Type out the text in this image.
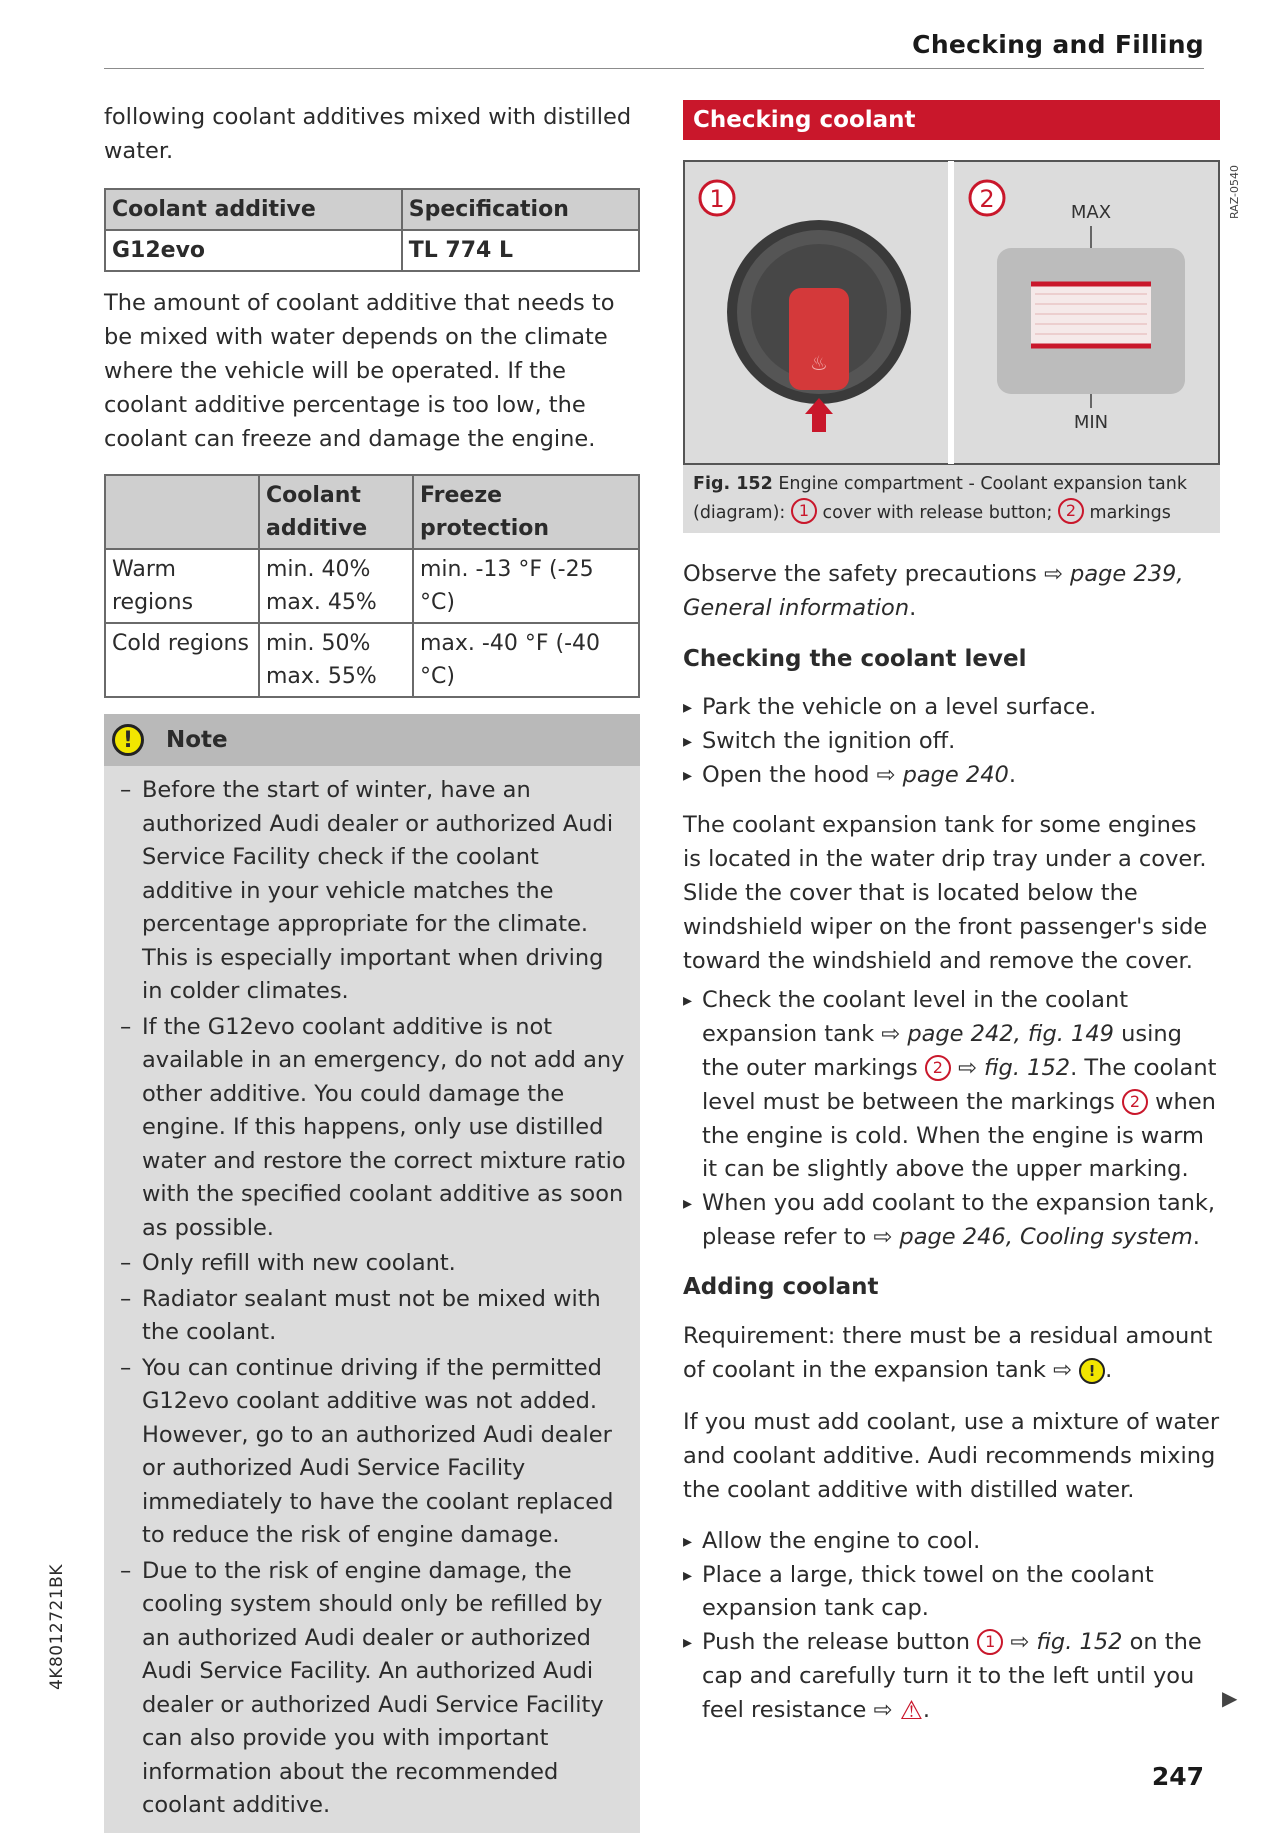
Checking and Filling

following coolant additives mixed with distilled water.

Coolant additive	Specification
G12evo	TL 774 L

The amount of coolant additive that needs to be mixed with water depends on the climate where the vehicle will be operated. If the coolant additive percentage is too low, the coolant can freeze and damage the engine.

	Coolant additive	Freeze protection
Warm regions	min. 40% max. 45%	min. -13 °F (-25 °C)
Cold regions	min. 50% max. 55%	max. -40 °F (-40 °C)
!	Note
– Before the start of winter, have an authorized Audi dealer or authorized Audi Service Facility check if the coolant additive in your vehicle matches the percentage appropriate for the climate. This is especially important when driving in colder climates.
– If the G12evo coolant additive is not available in an emergency, do not add any other additive. You could damage the engine. If this happens, only use distilled water and restore the correct mixture ratio with the specified coolant additive as soon as possible.
– Only refill with new coolant.
– Radiator sealant must not be mixed with the coolant.
– You can continue driving if the permitted G12evo coolant additive was not added. However, go to an authorized Audi dealer or authorized Audi Service Facility immediately to have the coolant replaced to reduce the risk of engine damage.
– Due to the risk of engine damage, the cooling system should only be refilled by an authorized Audi dealer or authorized Audi Service Facility. An authorized Audi dealer or authorized Audi Service Facility can also provide you with important information about the recommended coolant additive.
Checking coolant
1
♨
2	MAX
MIN
RAZ-0540
Fig. 152 Engine compartment - Coolant expansion tank (diagram): 1 cover with release button; 2 markings

Observe the safety precautions ⇨ page 239, General information.

Checking the coolant level
▸ Park the vehicle on a level surface.
▸ Switch the ignition off.
▸ Open the hood ⇨ page 240.

The coolant expansion tank for some engines is located in the water drip tray under a cover. Slide the cover that is located below the windshield wiper on the front passenger's side toward the windshield and remove the cover.

▸ Check the coolant level in the coolant expansion tank ⇨ page 242, fig. 149 using the outer markings 2 ⇨ fig. 152. The coolant level must be between the markings 2 when the engine is cold. When the engine is warm it can be slightly above the upper marking.
▸ When you add coolant to the expansion tank, please refer to ⇨ page 246, Cooling system.
Adding coolant

Requirement: there must be a residual amount of coolant in the expansion tank ⇨ ! .

If you must add coolant, use a mixture of water and coolant additive. Audi recommends mixing the coolant additive with distilled water.

▸ Allow the engine to cool.
▸ Place a large, thick towel on the coolant expansion tank cap.
▸ Push the release button 1 ⇨ fig. 152 on the cap and carefully turn it to the left until you feel resistance ⇨ ⚠.	▶
247
4K8012721BK
